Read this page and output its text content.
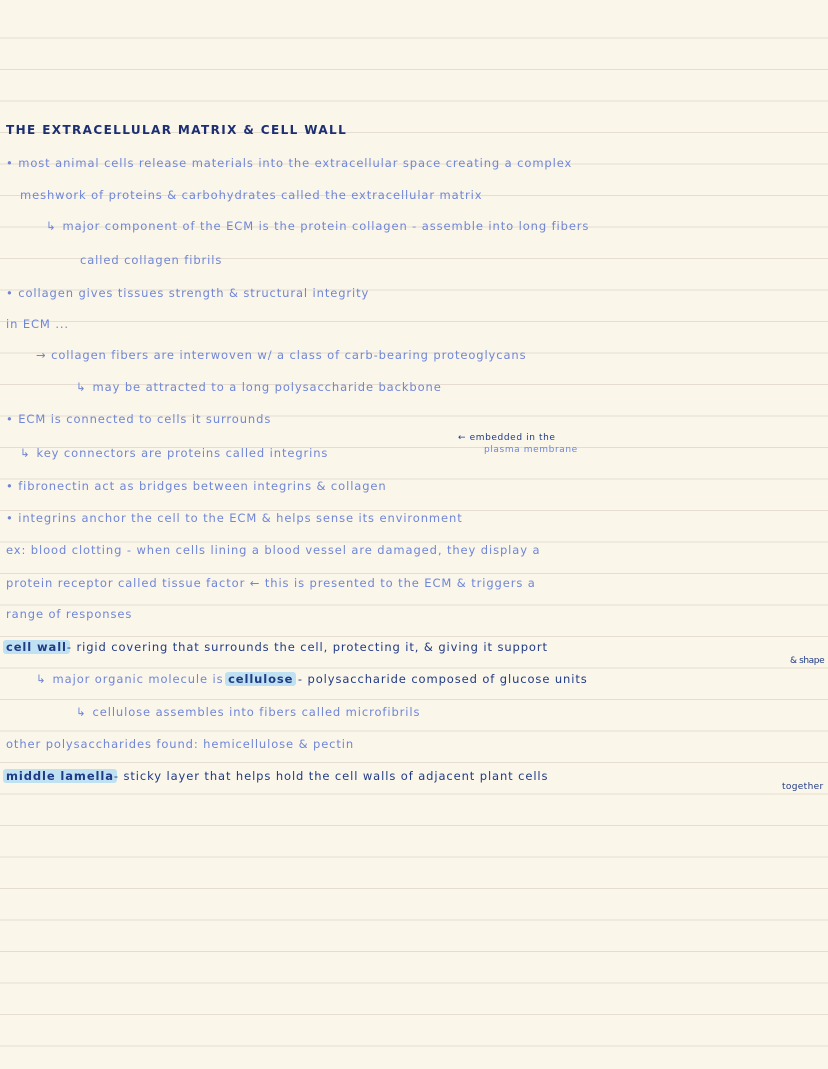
THE EXTRACELLULAR MATRIX & CELL WALL
• most animal cells release materials into the extracellular space creating a complex
meshwork of proteins & carbohydrates called the extracellular matrix
↳ major component of the ECM is the protein collagen - assemble into long fibers
called collagen fibrils
• collagen gives tissues strength & structural integrity
in ECM ...
→ collagen fibers are interwoven w/ a class of carb-bearing proteoglycans
↳ may be attracted to a long polysaccharide backbone
• ECM is connected to cells it surrounds
← embedded in the
plasma membrane
↳ key connectors are proteins called integrins
• fibronectin act as bridges between integrins & collagen
• integrins anchor the cell to the ECM & helps sense its environment
ex: blood clotting - when cells lining a blood vessel are damaged, they display a
protein receptor called tissue factor ← this is presented to the ECM & triggers a
range of responses
cell wall- rigid covering that surrounds the cell, protecting it, & giving it support
& shape
↳ major organic molecule is cellulose - polysaccharide composed of glucose units
↳ cellulose assembles into fibers called microfibrils
other polysaccharides found: hemicellulose & pectin
middle lamella- sticky layer that helps hold the cell walls of adjacent plant cells
together
